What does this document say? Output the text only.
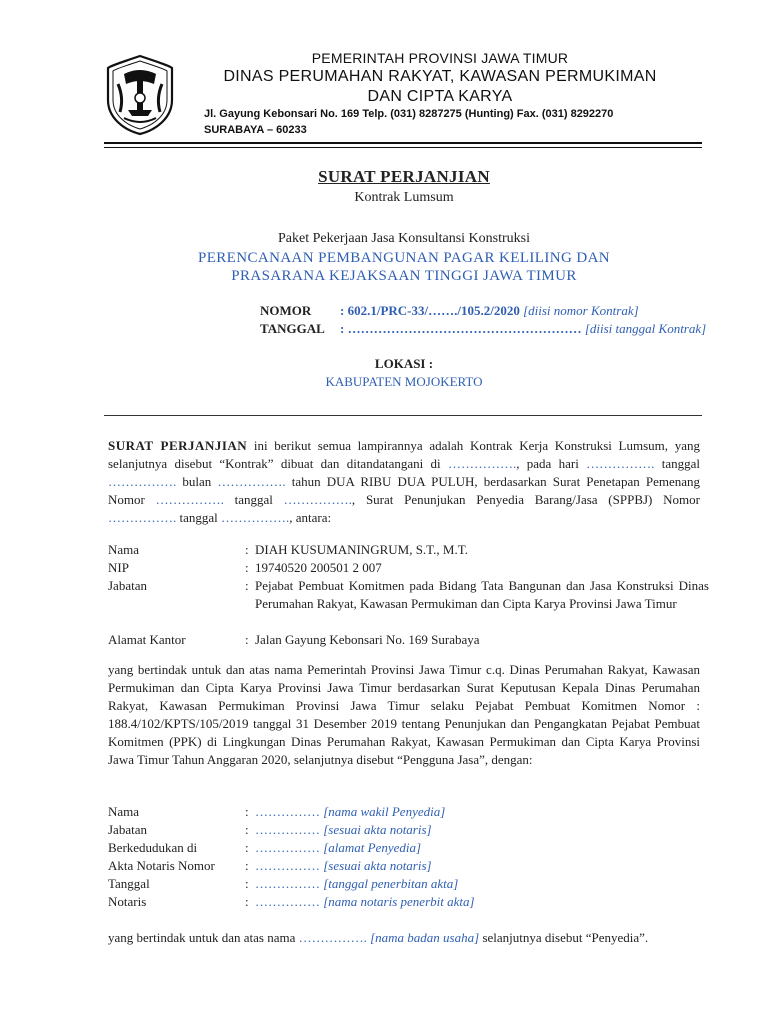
PEMERINTAH PROVINSI JAWA TIMUR
DINAS PERUMAHAN RAKYAT, KAWASAN PERMUKIMAN
DAN CIPTA KARYA
Jl. Gayung Kebonsari No. 169 Telp. (031) 8287275 (Hunting) Fax. (031) 8292270
SURABAYA – 60233
SURAT PERJANJIAN
Kontrak Lumsum
Paket Pekerjaan Jasa Konsultansi Konstruksi
PERENCANAAN PEMBANGUNAN PAGAR KELILING DAN
PRASARANA KEJAKSAAN TINGGI JAWA TIMUR
NOMOR : 602.1/PRC-33/……./105.2/2020 [diisi nomor Kontrak]
TANGGAL : ……………………………………………… [diisi tanggal Kontrak]
LOKASI :
KABUPATEN MOJOKERTO
SURAT PERJANJIAN ini berikut semua lampirannya adalah Kontrak Kerja Konstruksi Lumsum, yang selanjutnya disebut “Kontrak” dibuat dan ditandatangani di ……………., pada hari ……………. tanggal ……………. bulan ……………. tahun DUA RIBU DUA PULUH, berdasarkan Surat Penetapan Pemenang Nomor ……………. tanggal ……………., Surat Penunjukan Penyedia Barang/Jasa (SPPBJ) Nomor ……………. tanggal ……………., antara:
Nama	: DIAH KUSUMANINGRUM, S.T., M.T.
NIP	: 19740520 200501 2 007
Jabatan	: Pejabat Pembuat Komitmen pada Bidang Tata Bangunan dan Jasa Konstruksi Dinas Perumahan Rakyat, Kawasan Permukiman dan Cipta Karya Provinsi Jawa Timur
Alamat Kantor	: Jalan Gayung Kebonsari No. 169 Surabaya
yang bertindak untuk dan atas nama Pemerintah Provinsi Jawa Timur c.q. Dinas Perumahan Rakyat, Kawasan Permukiman dan Cipta Karya Provinsi Jawa Timur berdasarkan Surat Keputusan Kepala Dinas Perumahan Rakyat, Kawasan Permukiman Provinsi Jawa Timur selaku Pejabat Pembuat Komitmen Nomor : 188.4/102/KPTS/105/2019 tanggal 31 Desember 2019 tentang Penunjukan dan Pengangkatan Pejabat Pembuat Komitmen (PPK) di Lingkungan Dinas Perumahan Rakyat, Kawasan Permukiman dan Cipta Karya Provinsi Jawa Timur Tahun Anggaran 2020, selanjutnya disebut “Pengguna Jasa”, dengan:
Nama	: …………… [nama wakil Penyedia]
Jabatan	: …………… [sesuai akta notaris]
Berkedudukan di	: …………… [alamat Penyedia]
Akta Notaris Nomor	: …………… [sesuai akta notaris]
Tanggal	: …………… [tanggal penerbitan akta]
Notaris	: …………… [nama notaris penerbit akta]
yang bertindak untuk dan atas nama ……………. [nama badan usaha] selanjutnya disebut “Penyedia”.
